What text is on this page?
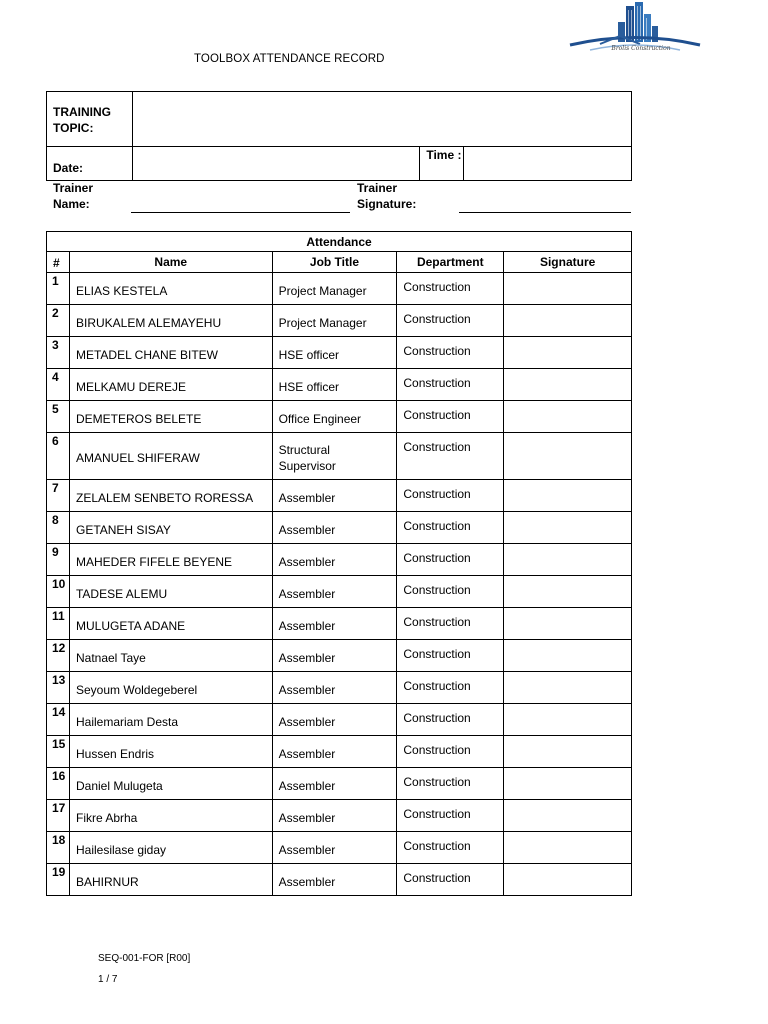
Brolis Construction
TOOLBOX ATTENDANCE RECORD
TRAINING TOPIC:			
Date:		Time :	
Trainer
Name:
Trainer
Signature:
Attendance				
#	Name	Job Title	Department	Signature
1	ELIAS KESTELA	Project Manager	Construction	
2	BIRUKALEM ALEMAYEHU	Project Manager	Construction	
3	METADEL CHANE BITEW	HSE officer	Construction	
4	MELKAMU DEREJE	HSE officer	Construction	
5	DEMETEROS BELETE	Office Engineer	Construction	
6	AMANUEL SHIFERAW	Structural Supervisor	Construction	
7	ZELALEM SENBETO RORESSA	Assembler	Construction	
8	GETANEH SISAY	Assembler	Construction	
9	MAHEDER FIFELE BEYENE	Assembler	Construction	
10	TADESE ALEMU	Assembler	Construction	
11	MULUGETA ADANE	Assembler	Construction	
12	Natnael Taye	Assembler	Construction	
13	Seyoum Woldegeberel	Assembler	Construction	
14	Hailemariam Desta	Assembler	Construction	
15	Hussen Endris	Assembler	Construction	
16	Daniel Mulugeta	Assembler	Construction	
17	Fikre Abrha	Assembler	Construction	
18	Hailesilase giday	Assembler	Construction	
19	BAHIRNUR	Assembler	Construction	
SEQ-001-FOR [R00]
1 / 7
